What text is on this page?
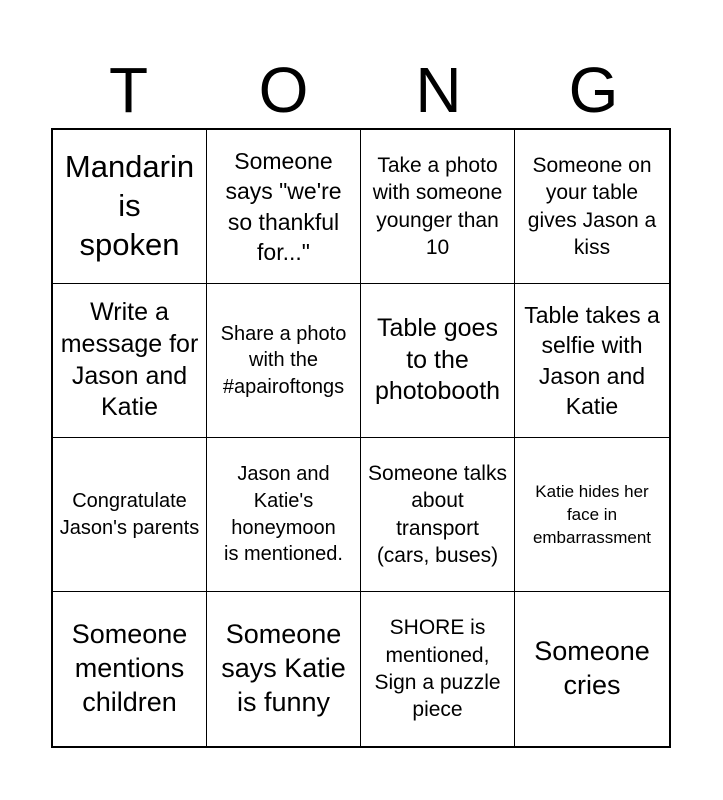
T	O	N	G
Mandarin is spoken
Someone says "we're so thankful for..."
Take a photo with someone younger than 10
Someone on your table gives Jason a kiss
Write a message for Jason and Katie
Share a photo with the #apairoftongs
Table goes to the photobooth
Table takes a selfie with Jason and Katie
Congratulate Jason's parents
Jason and Katie's honeymoon is mentioned.
Someone talks about transport (cars, buses)
Katie hides her face in embarrassment
Someone mentions children
Someone says Katie is funny
SHORE is mentioned, Sign a puzzle piece
Someone cries
